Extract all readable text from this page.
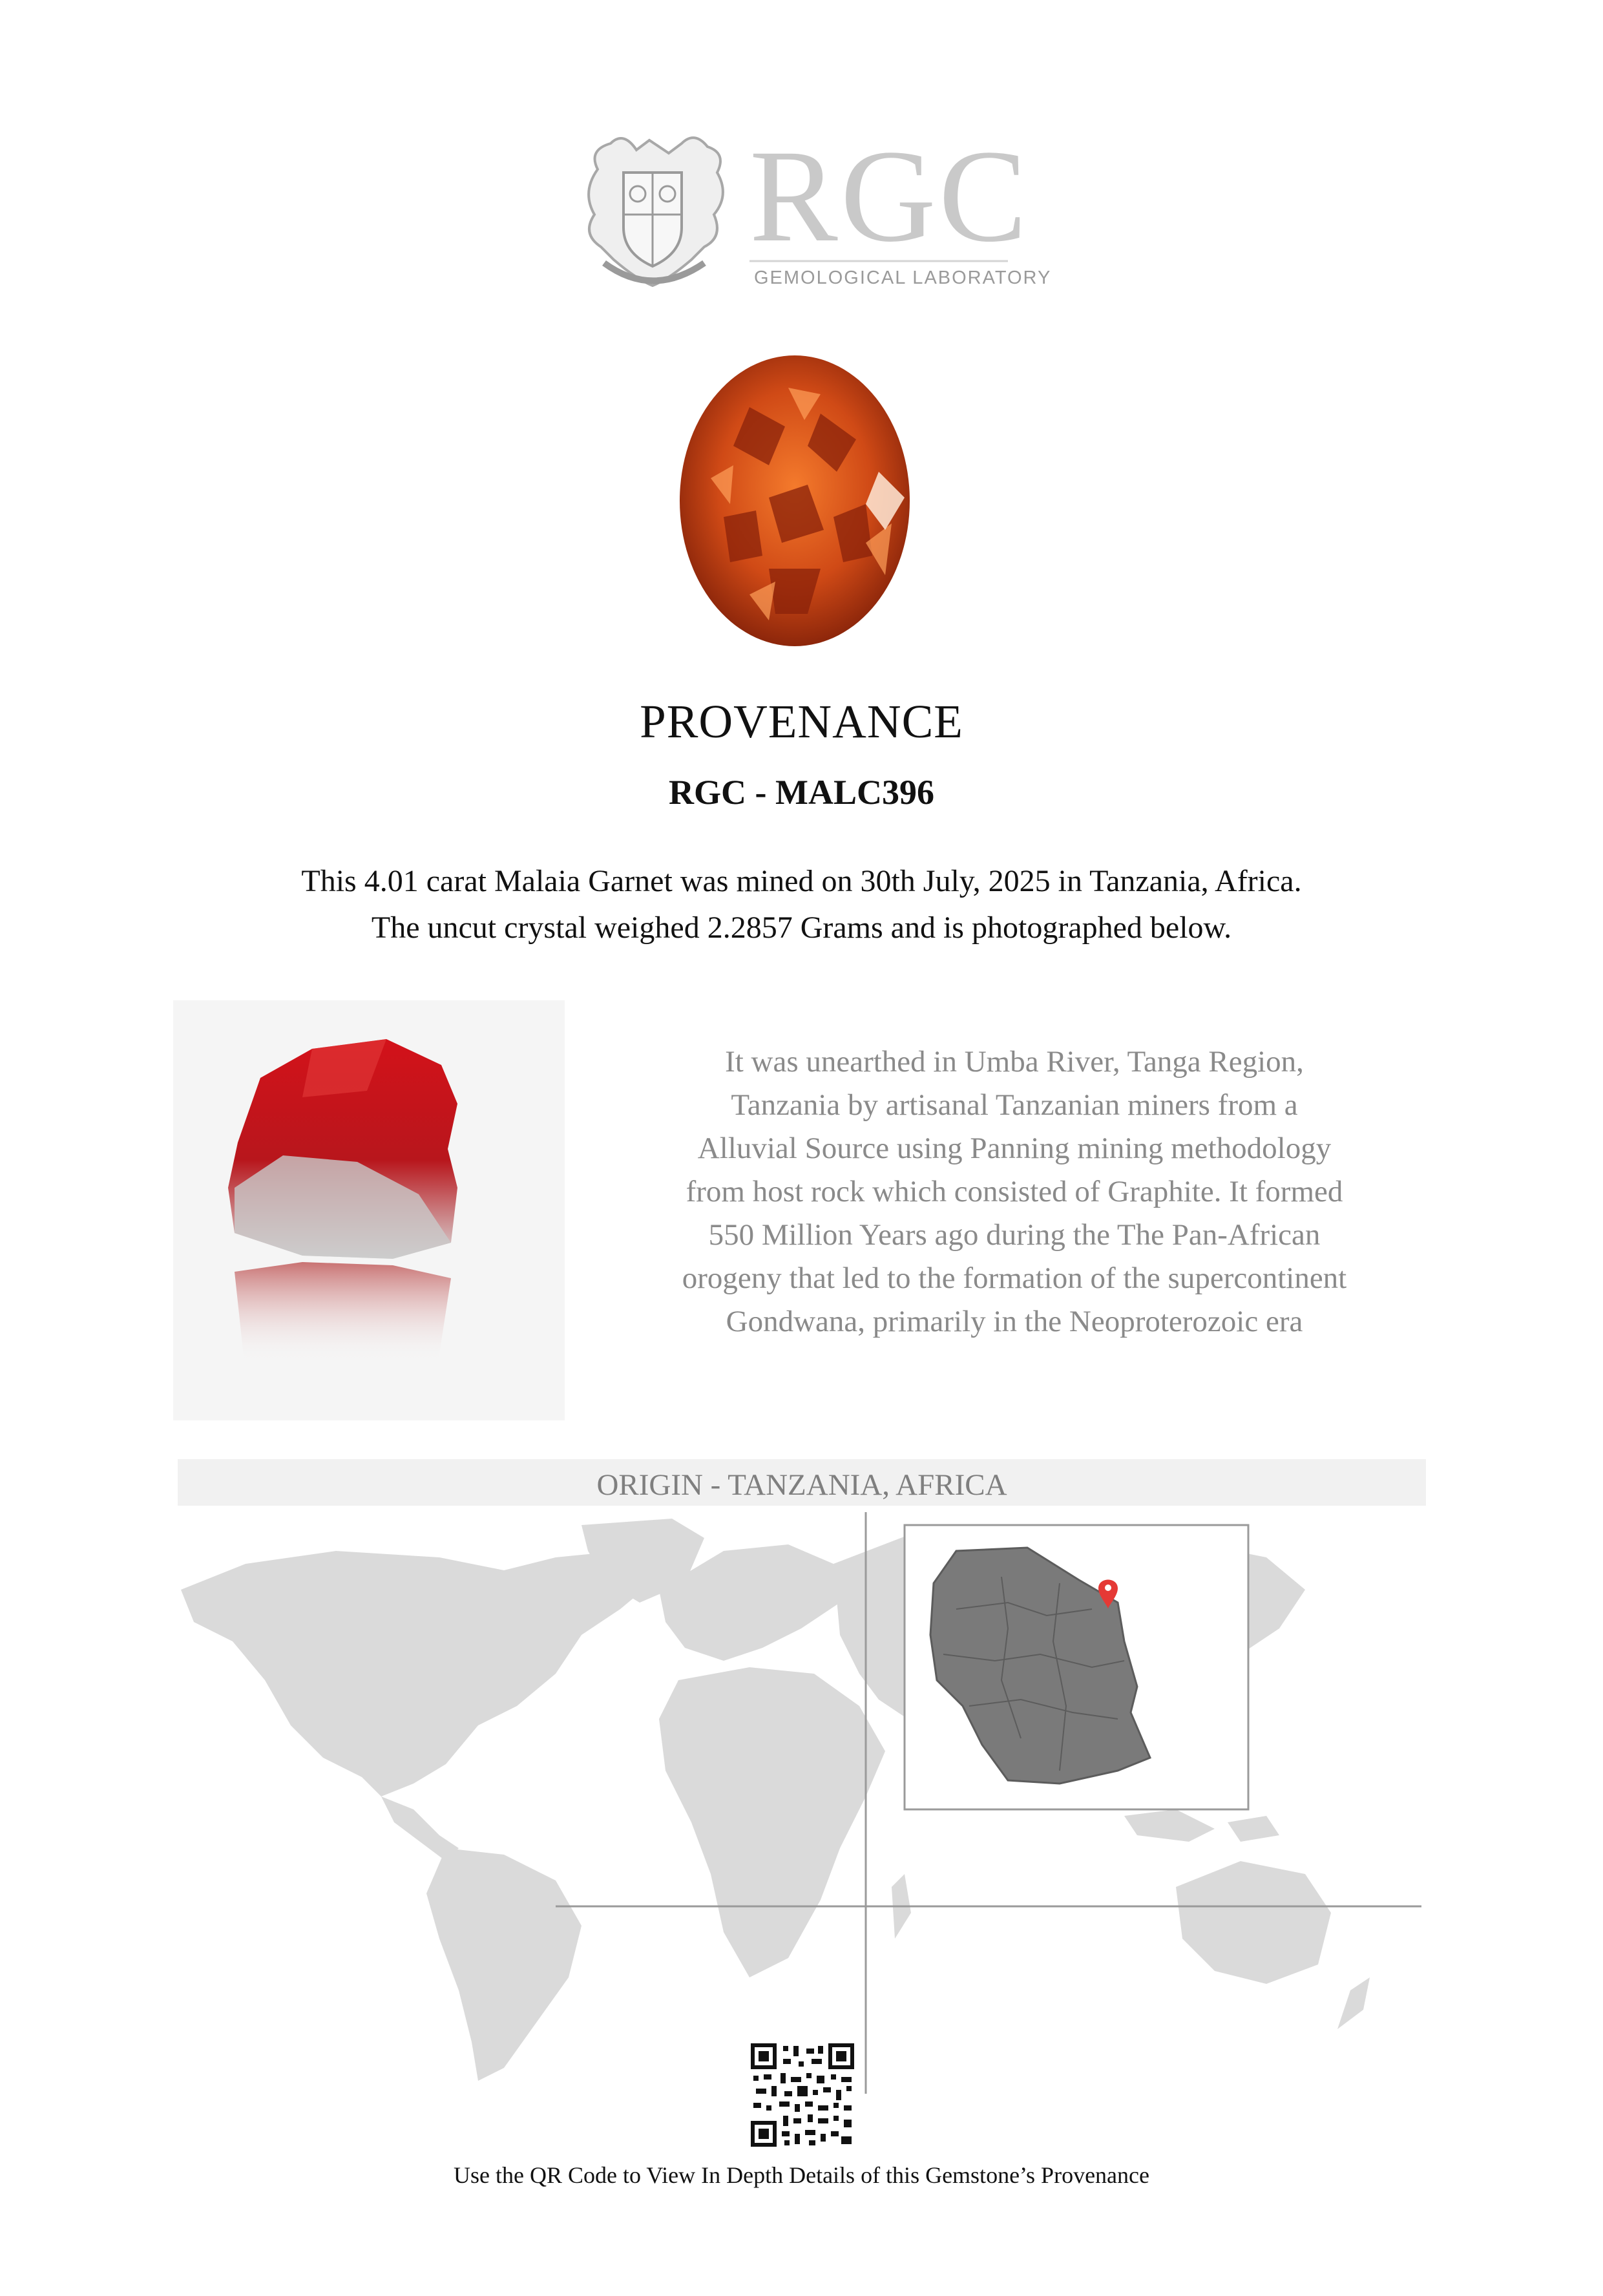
RGC
GEMOLOGICAL LABORATORY
PROVENANCE
RGC - MALC396
This 4.01 carat Malaia Garnet was mined on 30th July, 2025 in Tanzania, Africa.
The uncut crystal weighed 2.2857 Grams and is photographed below.
It was unearthed in Umba River, Tanga Region,
Tanzania by artisanal Tanzanian miners from a
Alluvial Source using Panning mining methodology
from host rock which consisted of Graphite. It formed
550 Million Years ago during the The Pan-African
orogeny that led to the formation of the supercontinent
Gondwana, primarily in the Neoproterozoic era
ORIGIN - TANZANIA, AFRICA
Use the QR Code to View In Depth Details of this Gemstone’s Provenance
